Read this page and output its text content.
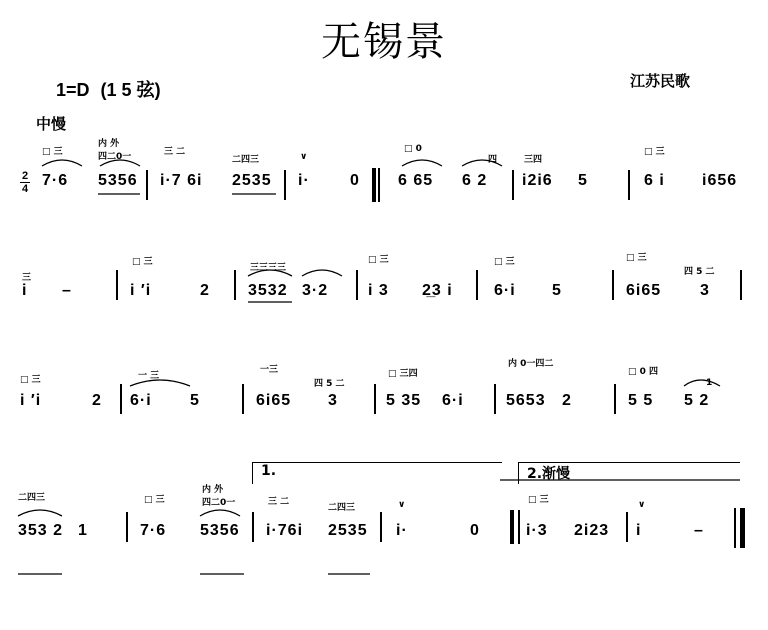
无锡景
1=D (1 5 弦)	江苏民歌
中慢
$\frac{2}{4}$
□ 三
7·6
内 外
四二0一
5356
三 二
i·7 6i
二四三
2535
∨
i·	0
□ 0
6 65
四
6 2
三四
i2i6 5
□ 三
6 i i656
三
i –
□ 三
i ′i	2
三三三三
3532 3·2
□ 三
i 3 2̲3 i
□ 三
6·i 5
□ 三
6i65
四 5 二
3
□ 三
i ′i	2
一 三
6·i 5
一三
6i65
四 5 二
3
□ 三四
5 35 6·i
内 0一四二
5653 2
□ 0 四
5 5
1
5 2
1.	2.渐慢
二四三
353 2 1
□ 三
7·6
内 外
四二0一
5356
三 二
i·76i
二四三
2535
∨
i·	0
□ 三
i·3 2i23
∨
i	–
